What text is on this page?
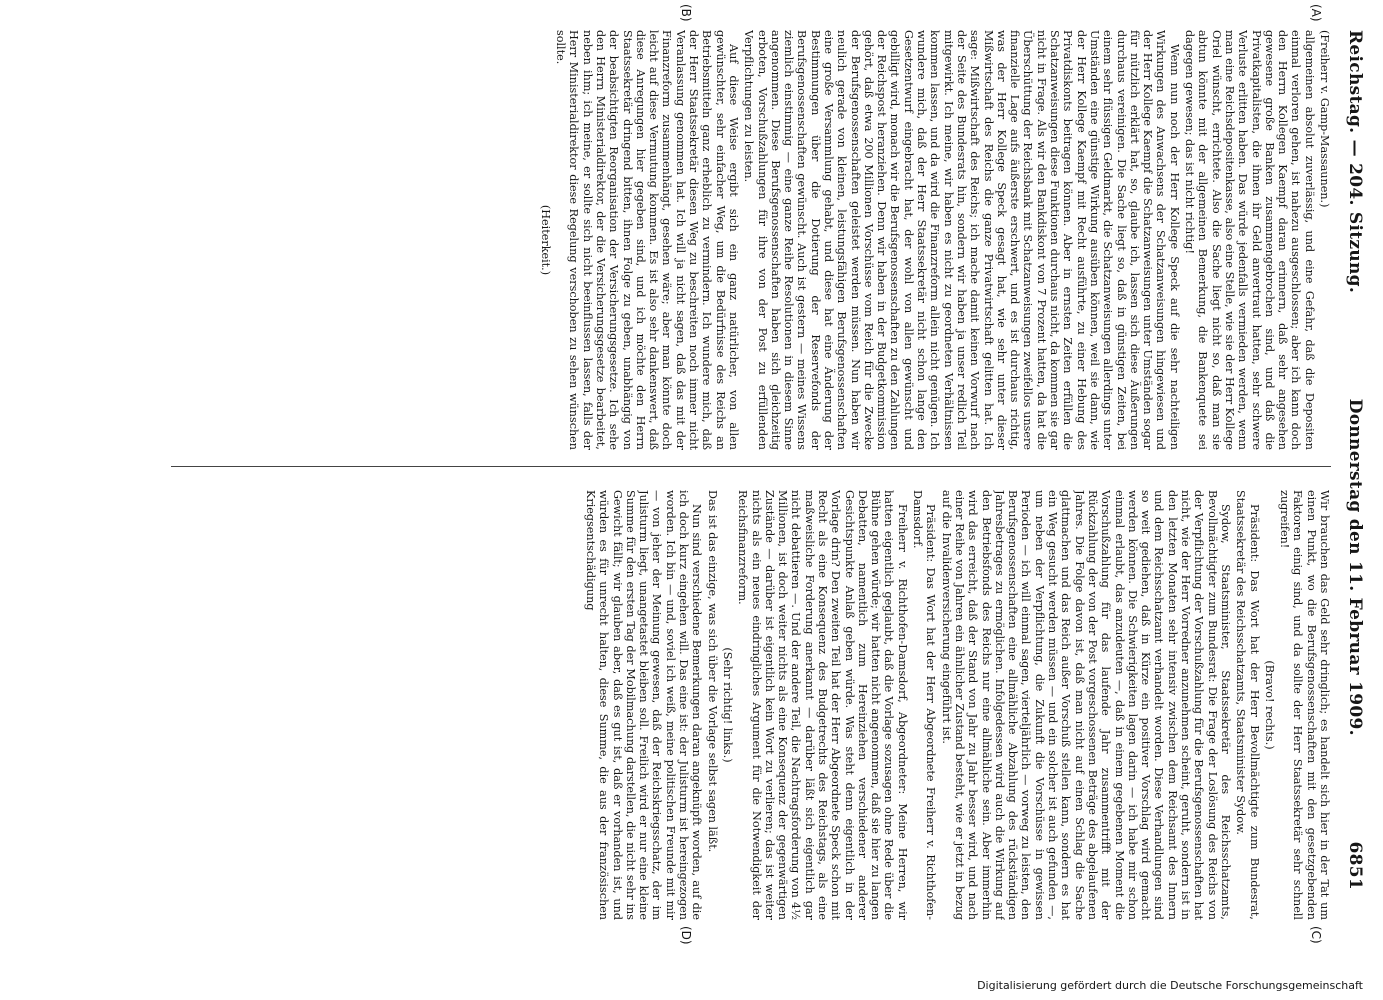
Reichstag. — 204. Sitzung.
Donnerstag den 11. Februar 1909.
6851
(A)
(B)
(C)
(D)

(Freiherr v. Gamp-Massaunen.)

allgemeinen absolut zuverlässig, und eine Gefahr, daß die Depositen einmal verloren gehen, ist nahezu ausgeschlossen; aber ich kann doch den Herrn Kollegen Kaempf daran erinnern, daß sehr angesehen gewesene große Banken zusammengebrochen sind, und daß die Privatkapitalisten, die ihnen ihr Geld anvertraut hatten, sehr schwere Verluste erlitten haben. Das würde jedenfalls vermieden werden, wenn man eine Reichsdepositenkasse, also eine Stelle, wie sie der Herr Kollege Oriel wünscht, errichtete. Also die Sache liegt nicht so, daß man sie abtun könnte mit der allgemeinen Bemerkung, die Bankenquete sei dagegen gewesen; das ist nicht richtig!

Wenn nun noch der Herr Kollege Speck auf die sehr nachteiligen Wirkungen des Anwachsens der Schatzanweisungen hingewiesen und der Herr Kollege Kaempf die Schatzanweisungen unter Umständen sogar für nützlich erklärt hat, so, glaube ich, lassen sich diese Äußerungen durchaus vereinigen. Die Sache liegt so, daß in günstigen Zeiten, bei einem sehr flüssigen Geldmarkt, die Schatzanweisungen allerdings unter Umständen eine günstige Wirkung ausüben können, weil sie dann, wie der Herr Kollege Kaempf mit Recht ausführte, zu einer Hebung des Privatdiskonts beitragen können. Aber in ernsten Zeiten erfüllen die Schatzanweisungen diese Funktionen durchaus nicht, da kommen sie gar nicht in Frage. Als wir den Bankdiskont von 7 Prozent hatten, da hat die Überschüttung der Reichsbank mit Schatzanweisungen zweifellos unsere finanzielle Lage aufs äußerste erschwert, und es ist durchaus richtig, was der Herr Kollege Speck gesagt hat, wie sehr unter dieser Mißwirtschaft des Reichs die ganze Privatwirtschaft gelitten hat. Ich sage: Mißwirtschaft des Reichs; ich mache damit keinen Vorwurf nach der Seite des Bundesrats hin, sondern wir haben ja unser redlich Teil mitgewirkt. Ich meine, wir haben es nicht zu geordneten Verhältnissen kommen lassen, und da wird die Finanzreform allein nicht genügen. Ich wundere mich, daß der Herr Staatssekretär nicht schon lange den Gesetzentwurf eingebracht hat, der wohl von allen gewünscht und gebilligt wird, monach wir die Berufsgenossenschaften zu den Zahlungen der Reichspost heranziehen. Denn wir haben in der Budgetkommission gehört, daß etwa 200 Millionen Vorschüsse vom Reich für die Zwecke der Berufsgenossenschaften geleistet werden müssen. Nun haben wir neulich gerade von kleinen, leistungsfähigen Berufsgenossenschaften eine große Versammlung gehabt, und diese hat eine Änderung der Bestimmungen über die Dotierung der Reservefonds der Berufsgenossenschaften gewünscht. Auch ist gestern — meines Wissens ziemlich einstimmig — eine ganze Reihe Resolutionen in diesem Sinne angenommen. Diese Berufsgenossenschaften haben sich gleichzeitig erboten, Vorschußzahlungen für ihre von der Post zu erfüllenden Verpflichtungen zu leisten.

Auf diese Weise ergibt sich ein ganz natürlicher, von allen gewünschter, sehr einfacher Weg, um die Bedürfnisse des Reichs an Betriebsmitteln ganz erheblich zu vermindern. Ich wundere mich, daß der Herr Staatssekretär diesen Weg zu beschreiten noch immer nicht Veranlassung genommen hat. Ich will ja nicht sagen, daß das mit der Finanzreform zusammenhängt, gesehen wäre; aber man könnte doch leicht auf diese Vermutung kommen. Es ist also sehr dankenswert, daß diese Anregungen hier gegeben sind, und ich möchte den Herrn Staatssekretär dringend bitten, ihnen Folge zu geben, unabhängig von der beabsichtigten Reorganisation der Versicherungsgesetze. Ich sehe den Herrn Ministerialdirektor, der die Versicherungsgesetze bearbeitet, neben ihm; ich meine, er sollte sich nicht beeinflussen lassen, falls der Herr Ministerialdirektor diese Regelung verschoben zu sehen wünschen sollte.

(Heiterkeit.)

Wir brauchen das Geld sehr dringlich; es handelt sich hier in der Tat um einen Punkt, wo die Berufsgenossenschaften mit den gesetzgebenden Faktoren einig sind, und da sollte der Herr Staatssekretär sehr schnell zugreifen!

(Bravo! rechts.)

Präsident: Das Wort hat der Herr Bevollmächtigte zum Bundesrat, Staatssekretär des Reichsschatzamts, Staatsminister Sydow.

Sydow, Staatsminister, Staatssekretär des Reichsschatzamts, Bevollmächtigter zum Bundesrat: Die Frage der Loslösung des Reichs von der Verpflichtung der Vorschußzahlung für die Berufsgenossenschaften hat nicht, wie der Herr Vorredner anzunehmen scheint, geruht, sondern ist in den letzten Monaten sehr intensiv zwischen dem Reichsamt des Innern und dem Reichsschatzamt verhandelt worden. Diese Verhandlungen sind so weit gediehen, daß in Kürze ein positiver Vorschlag wird gemacht werden können. Die Schwierigkeiten lagen darin — ich habe mir schon einmal erlaubt, das anzudeuten —, daß in einem gegebenen Moment die Vorschußzahlung für das laufende Jahr zusammentrifft mit der Rückzahlung der von der Post vorgeschossenen Beträge des abgelaufenen Jahres. Die Folge davon ist, daß man nicht auf einen Schlag die Sache glattmachen und das Reich außer Vorschuß stellen kann, sondern es hat ein Weg gesucht werden müssen — und ein solcher ist auch gefunden —, um neben der Verpflichtung, die Zukunft die Vorschüsse in gewissen Perioden — ich will einmal sagen, vierteljährlich — vorweg zu leisten, den Berufsgenossenschaften eine allmähliche Abzahlung des rückständigen Jahresbetrages zu ermöglichen. Infolgedessen wird auch die Wirkung auf den Betriebsfonds des Reichs nur eine allmähliche sein. Aber immerhin wird das erreicht, daß der Stand von Jahr zu Jahr besser wird, und nach einer Reihe von Jahren ein ähnlicher Zustand besteht, wie er jetzt in bezug auf die Invalidenversicherung eingeführt ist.

Präsident: Das Wort hat der Herr Abgeordnete Freiherr v. Richthofen-Damsdorf.

Freiherr v. Richthofen-Damsdorf, Abgeordneter: Meine Herren, wir hatten eigentlich geglaubt, daß die Vorlage sozusagen ohne Rede über die Bühne gehen würde; wir hatten nicht angenommen, daß sie hier zu langen Debatten, namentlich zum Hereinziehen verschiedener anderer Gesichtspunkte Anlaß geben würde. Was steht denn eigentlich in der Vorlage drin? Den zweiten Teil hat der Herr Abgeordnete Speck schon mit Recht als eine Konsequenz des Budgetrechts des Reichstags, als eine maßweisliche Forderung anerkannt — darüber läßt sich eigentlich gar nicht debattieren —. Und der andere Teil, die Nachtragsforderung von 4½ Millionen, ist doch weiter nichts als eine Konsequenz der gegenwärtigen Zustände — darüber ist eigentlich kein Wort zu verlieren; das ist weiter nichts als ein neues eindringliches Argument für die Notwendigkeit der Reichsfinanzreform.

(Sehr richtig! links.)

Das ist das einzige, was sich über die Vorlage selbst sagen läßt.

Nun sind verschiedene Bemerkungen daran angeknüpft worden, auf die ich doch kurz eingehen will. Das eine ist: der Julisturm ist hereingezogen worden. Ich bin — und, soviel ich weiß, meine politischen Freunde mit mir — von jeher der Meinung gewesen, daß der Reichskriegsschatz, der im Julisturm liegt, unangetastet bleiben soll. Freilich wird er nur eine kleine Summe für den ersten Tag der Mobilmachung darstellen, die nicht sehr ins Gewicht fällt; wir glauben aber, daß es gut ist, daß er vorhanden ist, und würden es für unrecht halten, diese Summe, die aus der französischen Kriegsentschädigung

Digitalisierung gefördert durch die Deutsche Forschungsgemeinschaft
